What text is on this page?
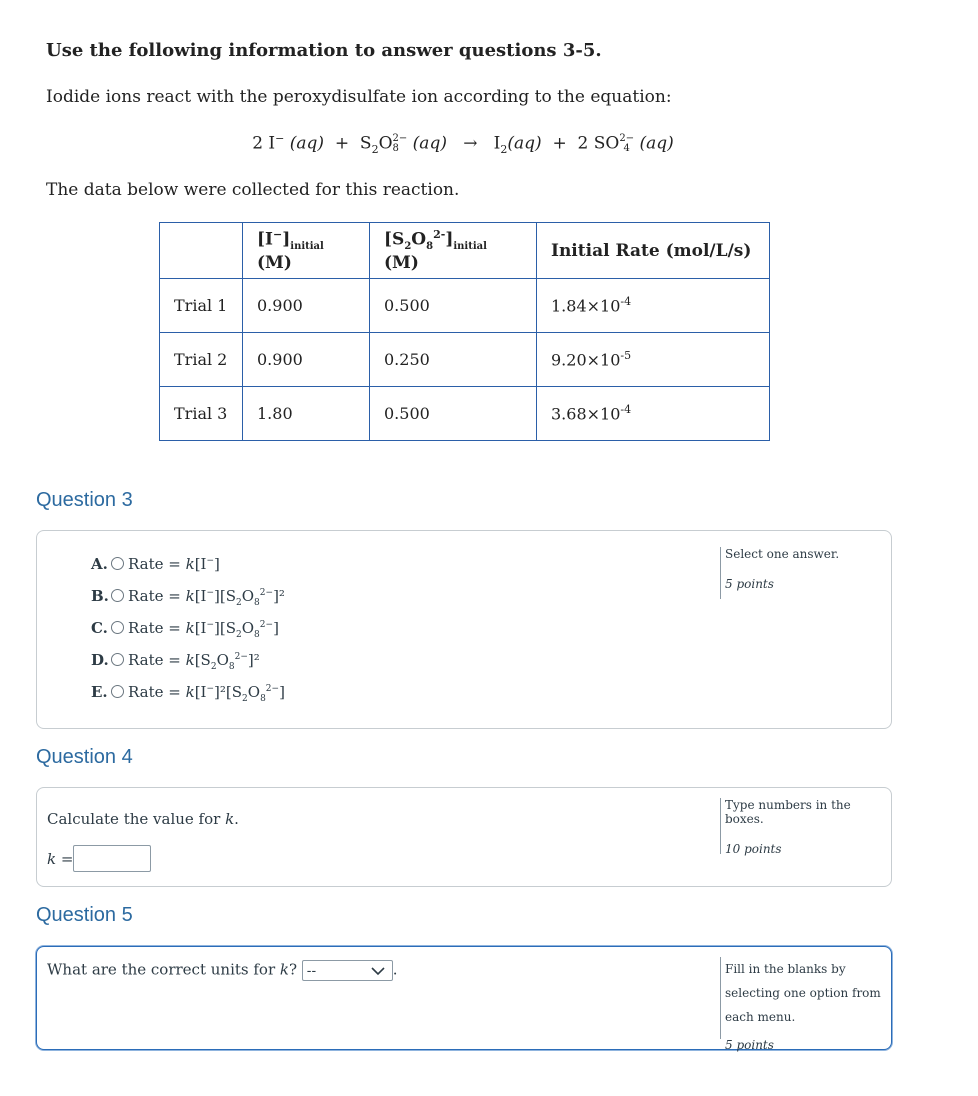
Use the following information to answer questions 3-5.
Iodide ions react with the peroxydisulfate ion according to the equation:
2 I− $(aq) + S_2O$ 2−
8 $(aq) \to I_2(aq) + 2$ SO 2−
4 (aq)
The data below were collected for this reaction.
	$[I^-]_{initial}$ (M)	$[S_2O_8^{2-}]_{initial}$ (M)	Initial Rate (mol/L/s)
Trial 1	0.900	0.500	$1.84\times 10^{-4}$
Trial 2	0.900	0.250	$9.20\times 10^{-5}$
Trial 3	1.80	0.500	$3.68\times 10^{-4}$
Question 3
A. Rate = k[I−]
B. Rate = $k[I^-][S_2O_8^{2-}]^2$
C. Rate = $k[I^-][S_2O_8^{2-}]$
D. Rate = $k[S_2O_8^{2-}]^2$
E. Rate = $k[I^-]^2[S_2O_8^{2-}]$
Select one answer.
5 points
Question 4
Calculate the value for k.
k =
Type numbers in the boxes.
10 points
Question 5
What are the correct units for k? --	.	Fill in the blanks by selecting one option from each menu.
5 points
